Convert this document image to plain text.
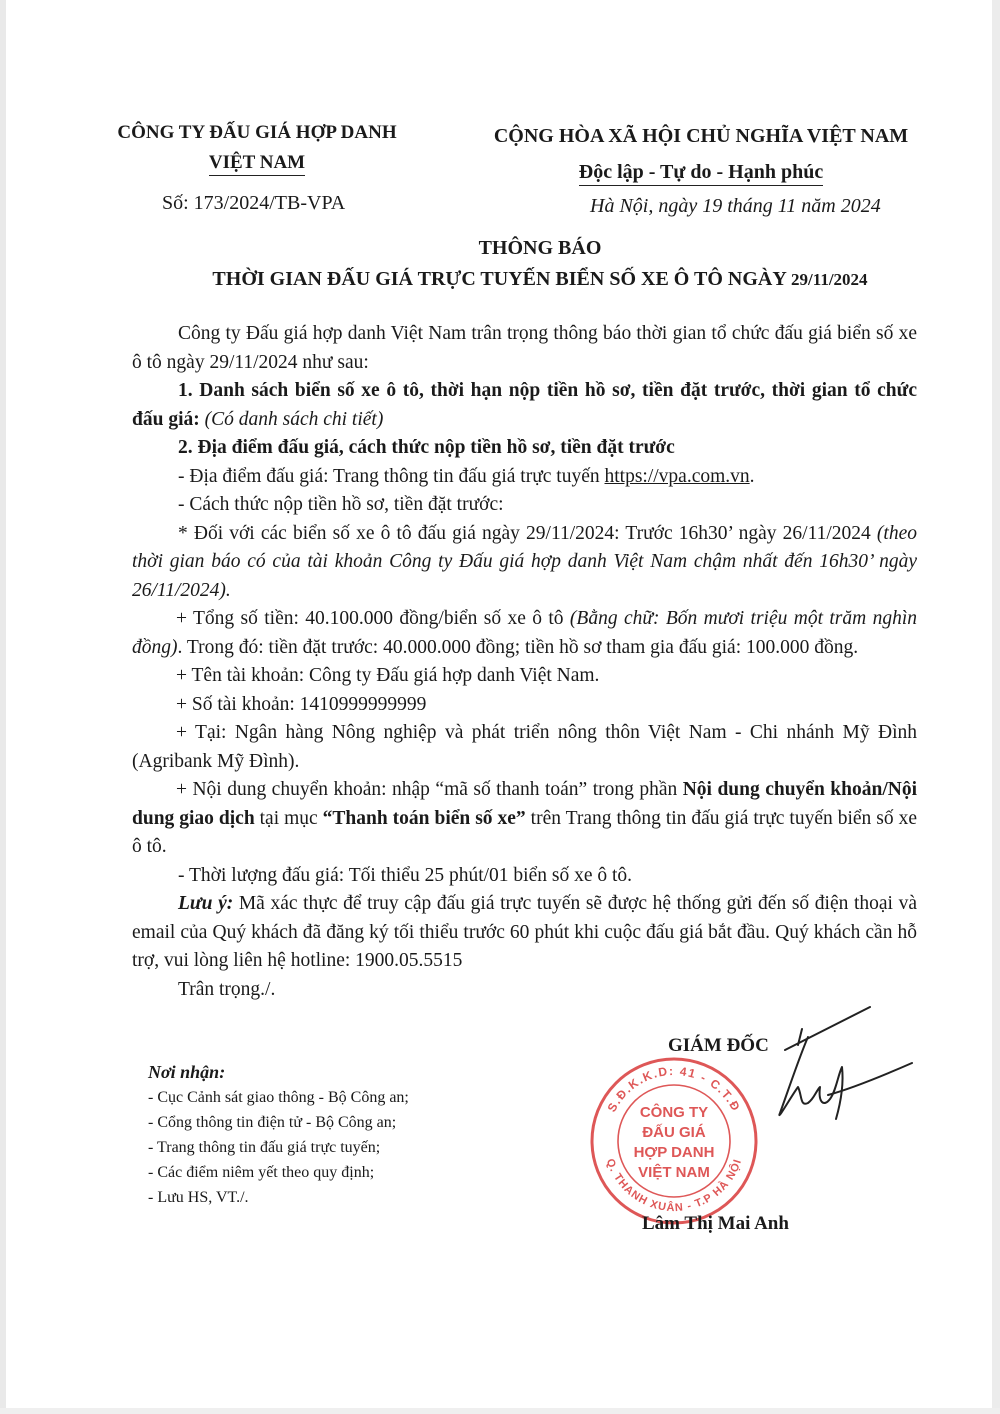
CÔNG TY ĐẤU GIÁ HỢP DANH
VIỆT NAM
CỘNG HÒA XÃ HỘI CHỦ NGHĨA VIỆT NAM
Độc lập - Tự do - Hạnh phúc
Số: 173/2024/TB-VPA	Hà Nội, ngày 19 tháng 11 năm 2024
THÔNG BÁO
THỜI GIAN ĐẤU GIÁ TRỰC TUYẾN BIỂN SỐ XE Ô TÔ NGÀY 29/11/2024

Công ty Đấu giá hợp danh Việt Nam trân trọng thông báo thời gian tổ chức đấu giá biển số xe ô tô ngày 29/11/2024 như sau:

1. Danh sách biển số xe ô tô, thời hạn nộp tiền hồ sơ, tiền đặt trước, thời gian tổ chức đấu giá: (Có danh sách chi tiết)

2. Địa điểm đấu giá, cách thức nộp tiền hồ sơ, tiền đặt trước

- Địa điểm đấu giá: Trang thông tin đấu giá trực tuyến https://vpa.com.vn.

- Cách thức nộp tiền hồ sơ, tiền đặt trước:

* Đối với các biển số xe ô tô đấu giá ngày 29/11/2024: Trước 16h30’ ngày 26/11/2024 (theo thời gian báo có của tài khoản Công ty Đấu giá hợp danh Việt Nam chậm nhất đến 16h30’ ngày 26/11/2024).

+ Tổng số tiền: 40.100.000 đồng/biển số xe ô tô (Bằng chữ: Bốn mươi triệu một trăm nghìn đồng). Trong đó: tiền đặt trước: 40.000.000 đồng; tiền hồ sơ tham gia đấu giá: 100.000 đồng.

+ Tên tài khoản: Công ty Đấu giá hợp danh Việt Nam.

+ Số tài khoản: 1410999999999

+ Tại: Ngân hàng Nông nghiệp và phát triển nông thôn Việt Nam - Chi nhánh Mỹ Đình (Agribank Mỹ Đình).

+ Nội dung chuyển khoản: nhập “mã số thanh toán” trong phần Nội dung chuyển khoản/Nội dung giao dịch tại mục “Thanh toán biển số xe” trên Trang thông tin đấu giá trực tuyến biển số xe ô tô.

- Thời lượng đấu giá: Tối thiểu 25 phút/01 biển số xe ô tô.

Lưu ý: Mã xác thực để truy cập đấu giá trực tuyến sẽ được hệ thống gửi đến số điện thoại và email của Quý khách đã đăng ký tối thiểu trước 60 phút khi cuộc đấu giá bắt đầu. Quý khách cần hỗ trợ, vui lòng liên hệ hotline: 1900.05.5515

Trân trọng./.

Nơi nhận:
- Cục Cảnh sát giao thông - Bộ Công an;
- Cổng thông tin điện tử - Bộ Công an;
- Trang thông tin đấu giá trực tuyến;
- Các điểm niêm yết theo quy định;
- Lưu HS, VT./.
GIÁM ĐỐC
S.Đ.K.K.D: 41 - C.T.Đ
Q. THANH XUÂN - T.P HÀ NỘI
CÔNG TY
ĐẤU GIÁ
HỢP DANH
VIỆT NAM
Lâm Thị Mai Anh
